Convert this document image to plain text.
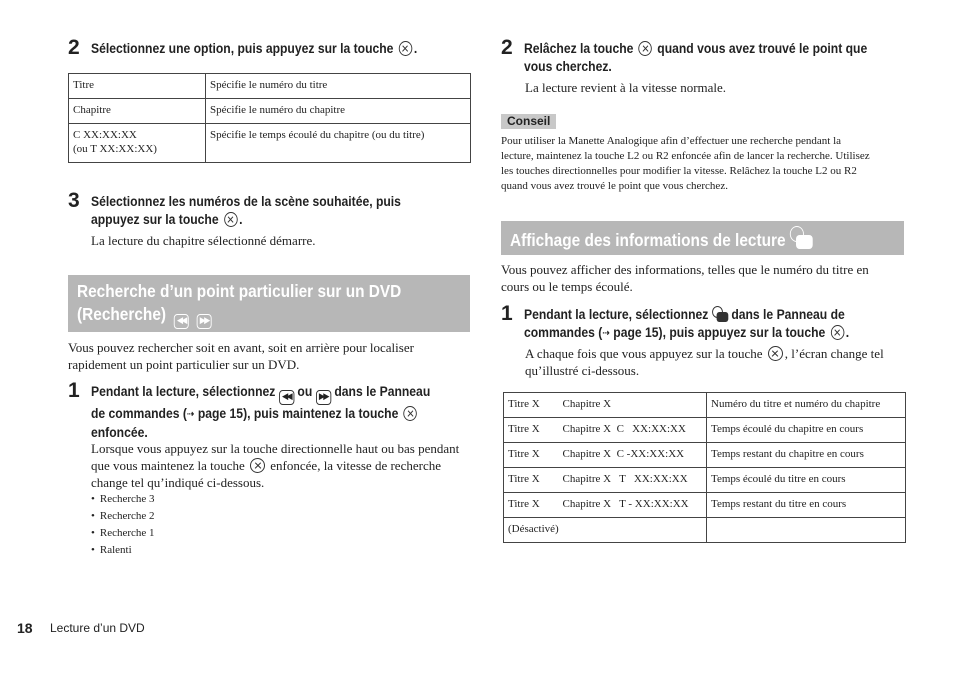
2 Sélectionnez une option, puis appuyez sur la touche .
Titre	Spécifie le numéro du titre
Chapitre	Spécifie le numéro du chapitre

C XX:XX:XX
(ou T XX:XX:XX)	Spécifie le temps écoulé du chapitre (ou du titre)
3 Sélectionnez les numéros de la scène souhaitée, puis
appuyez sur la touche .
La lecture du chapitre sélectionné démarre.
Recherche d’un point particulier sur un DVD
(Recherche) ◀◀ ▶▶
Vous pouvez rechercher soit en avant, soit en arrière pour localiser
rapidement un point particulier sur un DVD.
1 Pendant la lecture, sélectionnez ◀◀ ou ▶▶ dans le Panneau
de commandes (⇢ page 15), puis maintenez la touche
enfoncée.
Lorsque vous appuyez sur la touche directionnelle haut ou bas pendant
que vous maintenez la touche enfoncée, la vitesse de recherche
change tel qu’indiqué ci-dessous.
• Recherche 3
• Recherche 2
• Recherche 1
• Ralenti
2 Relâchez la touche quand vous avez trouvé le point que
vous cherchez.
La lecture revient à la vitesse normale.
Conseil
Pour utiliser la Manette Analogique afin d’effectuer une recherche pendant la
lecture, maintenez la touche L2 ou R2 enfoncée afin de lancer la recherche. Utilisez
les touches directionnelles pour modifier la vitesse. Relâchez la touche L2 ou R2
quand vous avez trouvé le point que vous cherchez.
Affichage des informations de lecture
Vous pouvez afficher des informations, telles que le numéro du titre en
cours ou le temps écoulé.
1 Pendant la lecture, sélectionnez dans le Panneau de
commandes (⇢ page 15), puis appuyez sur la touche .
A chaque fois que vous appuyez sur la touche , l’écran change tel
qu’illustré ci-dessous.
Titre X	Chapitre X	Numéro du titre et numéro du chapitre
Titre X	Chapitre X  C   XX:XX:XX	Temps écoulé du chapitre en cours
Titre X	Chapitre X  C -XX:XX:XX	Temps restant du chapitre en cours
Titre X	Chapitre X   T   XX:XX:XX	Temps écoulé du titre en cours
Titre X	Chapitre X   T - XX:XX:XX	Temps restant du titre en cours
(Désactivé)		
18 Lecture d’un DVD
